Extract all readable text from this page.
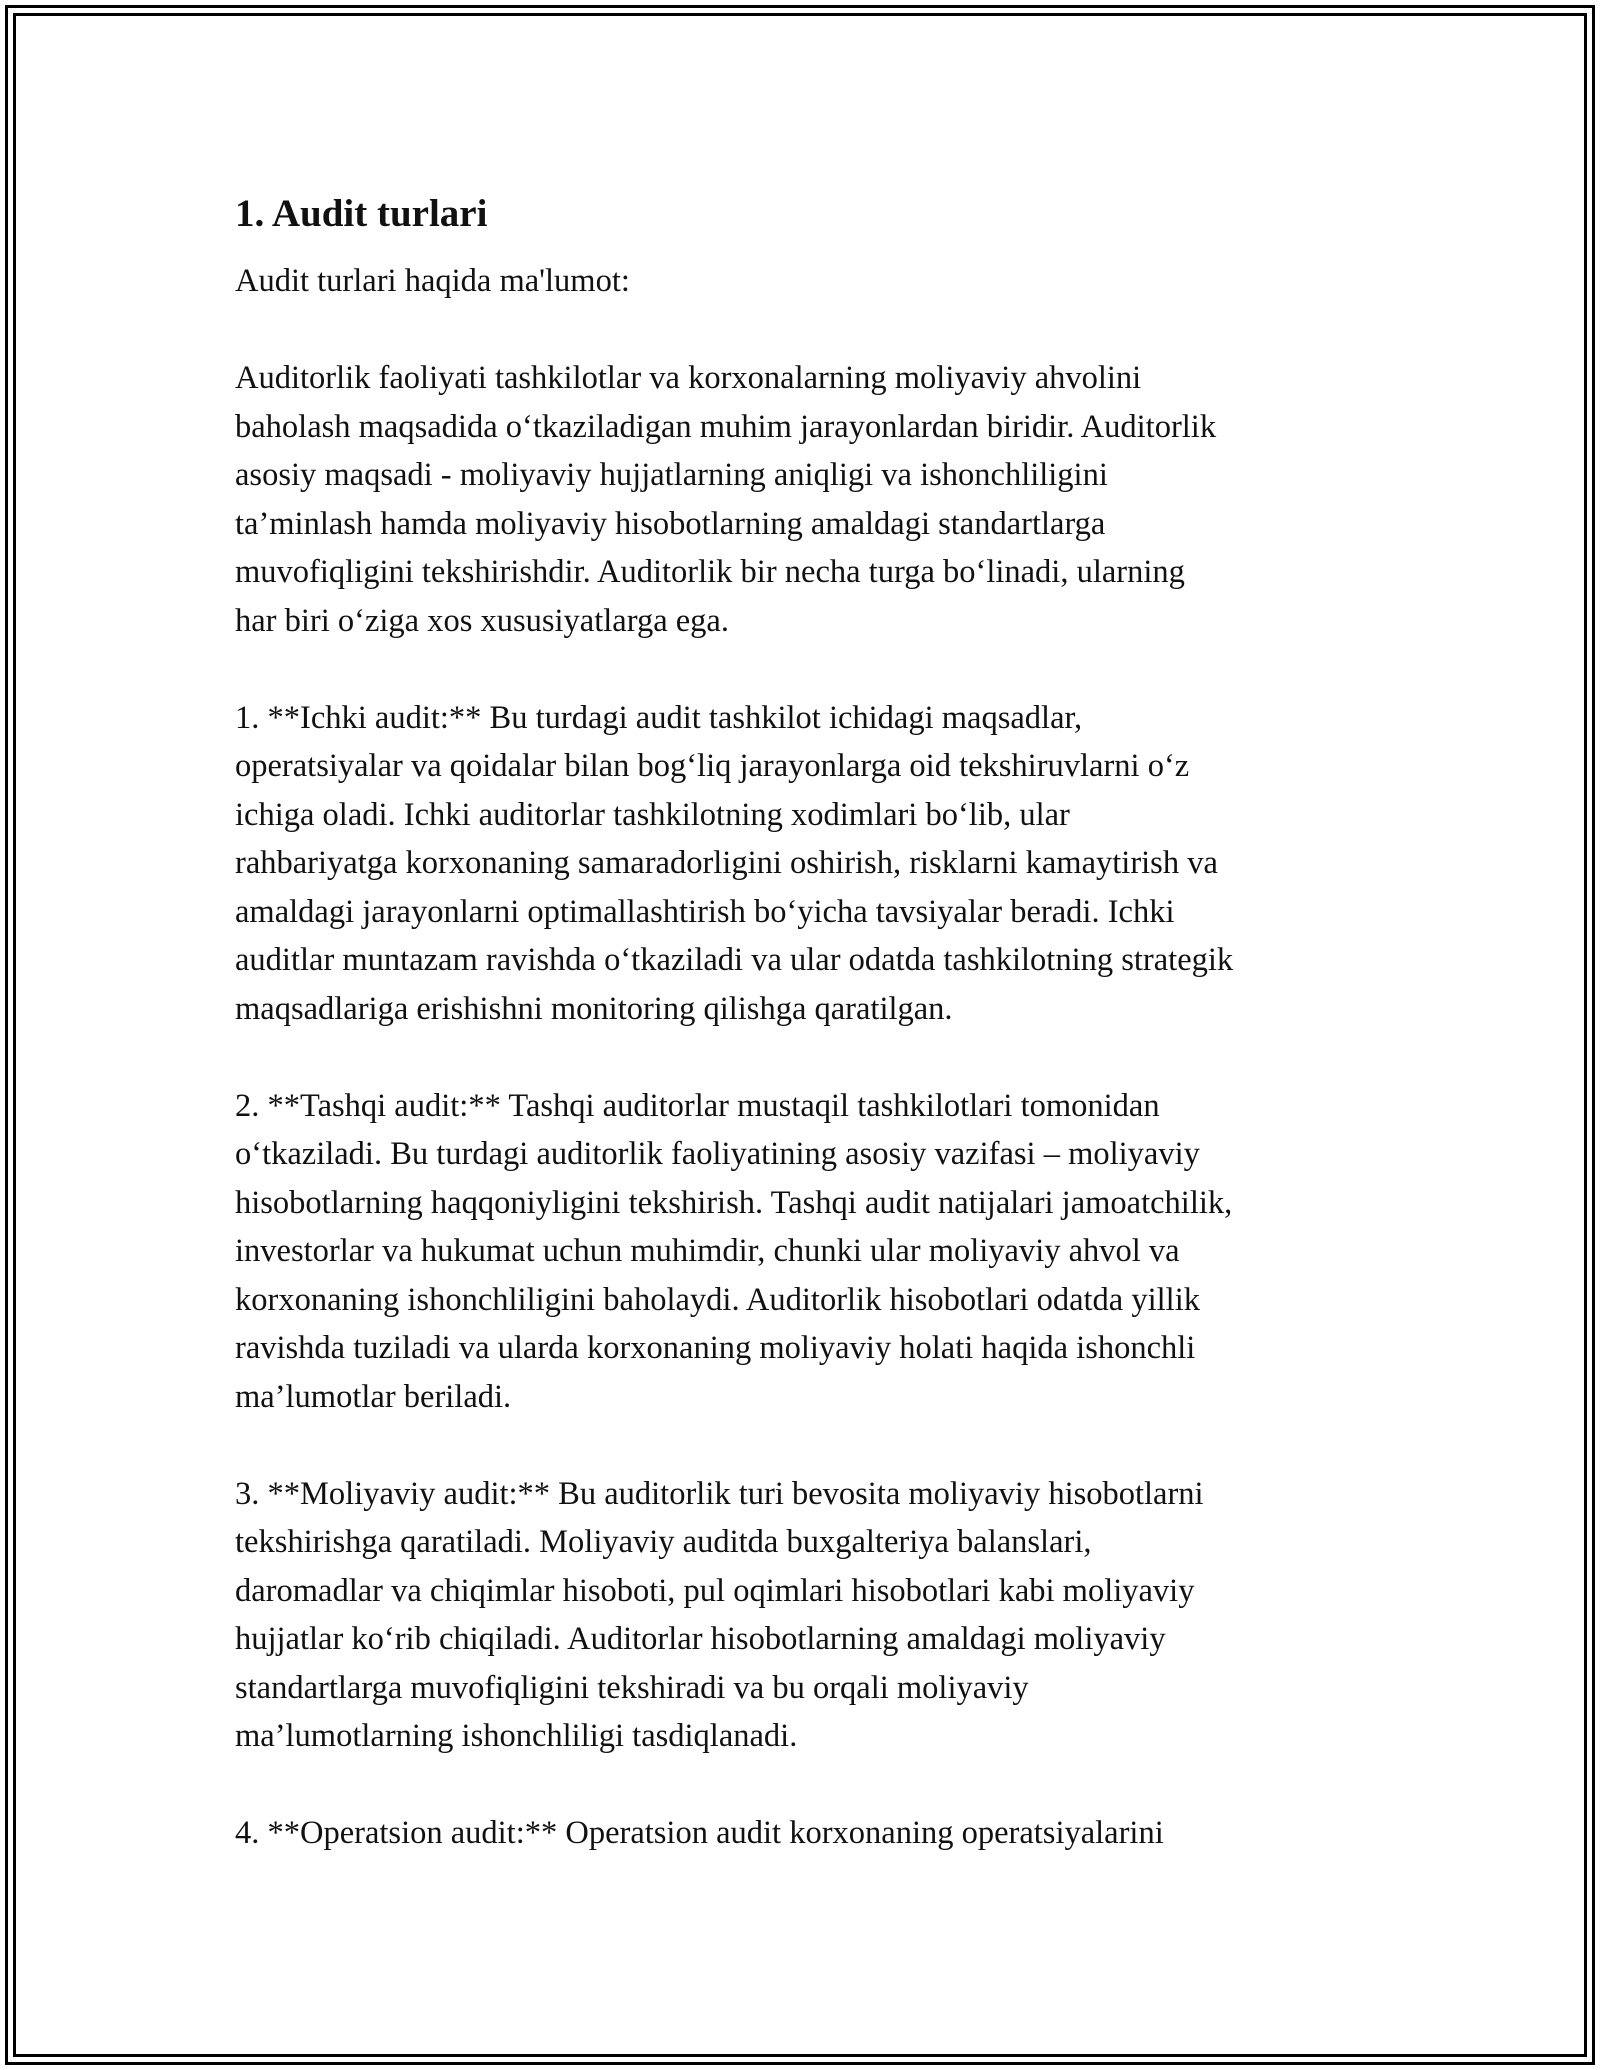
1. Audit turlari

Audit turlari haqida ma'lumot:

Auditorlik faoliyati tashkilotlar va korxonalarning moliyaviy ahvolini
baholash maqsadida o‘tkaziladigan muhim jarayonlardan biridir. Auditorlik
asosiy maqsadi - moliyaviy hujjatlarning aniqligi va ishonchliligini
ta’minlash hamda moliyaviy hisobotlarning amaldagi standartlarga
muvofiqligini tekshirishdir. Auditorlik bir necha turga bo‘linadi, ularning
har biri o‘ziga xos xususiyatlarga ega.

1. **Ichki audit:** Bu turdagi audit tashkilot ichidagi maqsadlar,
operatsiyalar va qoidalar bilan bog‘liq jarayonlarga oid tekshiruvlarni o‘z
ichiga oladi. Ichki auditorlar tashkilotning xodimlari bo‘lib, ular
rahbariyatga korxonaning samaradorligini oshirish, risklarni kamaytirish va
amaldagi jarayonlarni optimallashtirish bo‘yicha tavsiyalar beradi. Ichki
auditlar muntazam ravishda o‘tkaziladi va ular odatda tashkilotning strategik
maqsadlariga erishishni monitoring qilishga qaratilgan.

2. **Tashqi audit:** Tashqi auditorlar mustaqil tashkilotlari tomonidan
o‘tkaziladi. Bu turdagi auditorlik faoliyatining asosiy vazifasi – moliyaviy
hisobotlarning haqqoniyligini tekshirish. Tashqi audit natijalari jamoatchilik,
investorlar va hukumat uchun muhimdir, chunki ular moliyaviy ahvol va
korxonaning ishonchliligini baholaydi. Auditorlik hisobotlari odatda yillik
ravishda tuziladi va ularda korxonaning moliyaviy holati haqida ishonchli
ma’lumotlar beriladi.

3. **Moliyaviy audit:** Bu auditorlik turi bevosita moliyaviy hisobotlarni
tekshirishga qaratiladi. Moliyaviy auditda buxgalteriya balanslari,
daromadlar va chiqimlar hisoboti, pul oqimlari hisobotlari kabi moliyaviy
hujjatlar ko‘rib chiqiladi. Auditorlar hisobotlarning amaldagi moliyaviy
standartlarga muvofiqligini tekshiradi va bu orqali moliyaviy
ma’lumotlarning ishonchliligi tasdiqlanadi.

4. **Operatsion audit:** Operatsion audit korxonaning operatsiyalarini
